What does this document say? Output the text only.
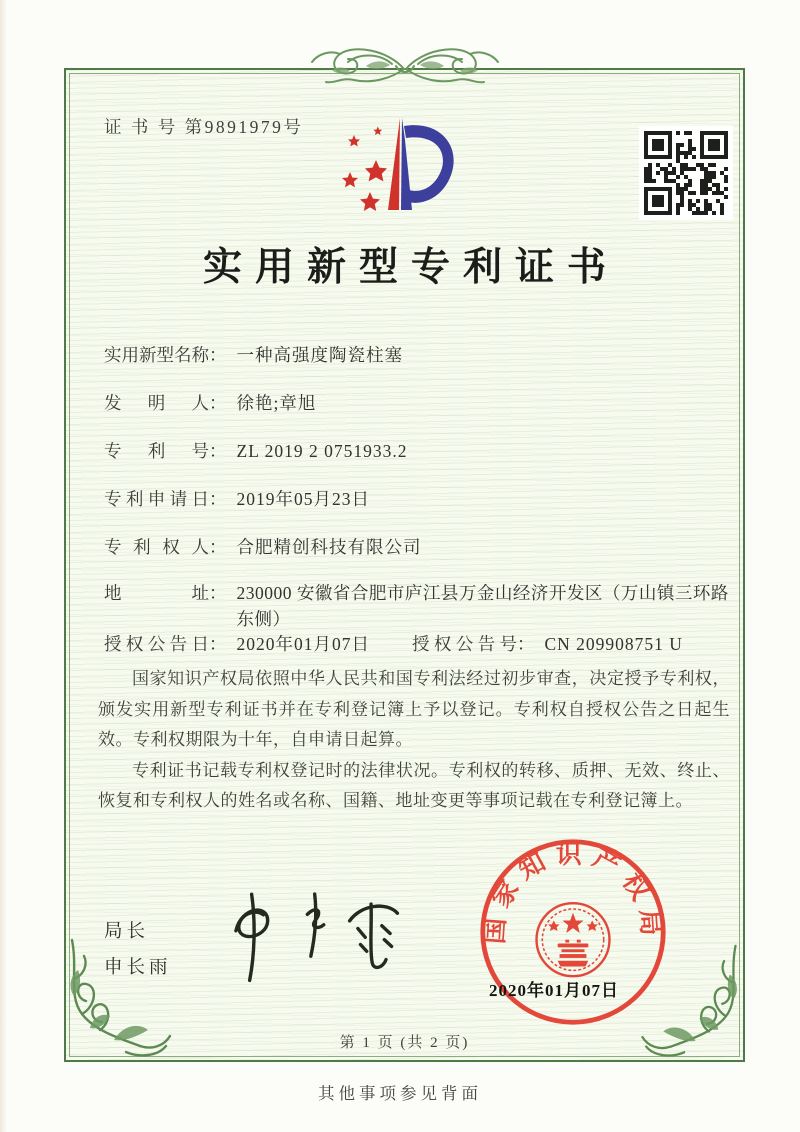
证 书 号 第9891979号
实用新型专利证书
实用新型名称 ： 一种高强度陶瓷柱塞
发明人 ： 徐艳;章旭
专利号 ： ZL 2019 2 0751933.2
专利申请日 ： 2019年05月23日
专利权人 ： 合肥精创科技有限公司
地址 ： 230000 安徽省合肥市庐江县万金山经济开发区（万山镇三环路东侧）
授权公告日 ： 2020年01月07日 授权公告号 ： CN 209908751 U

国家知识产权局依照中华人民共和国专利法经过初步审查，决定授予专利权，颁发实用新型专利证书并在专利登记簿上予以登记。专利权自授权公告之日起生效。专利权期限为十年，自申请日起算。

专利证书记载专利权登记时的法律状况。专利权的转移、质押、无效、终止、恢复和专利权人的姓名或名称、国籍、地址变更等事项记载在专利登记簿上。

局长
申长雨
国家知识产权局
2020年01月07日
第 1 页 (共 2 页)
其他事项参见背面
